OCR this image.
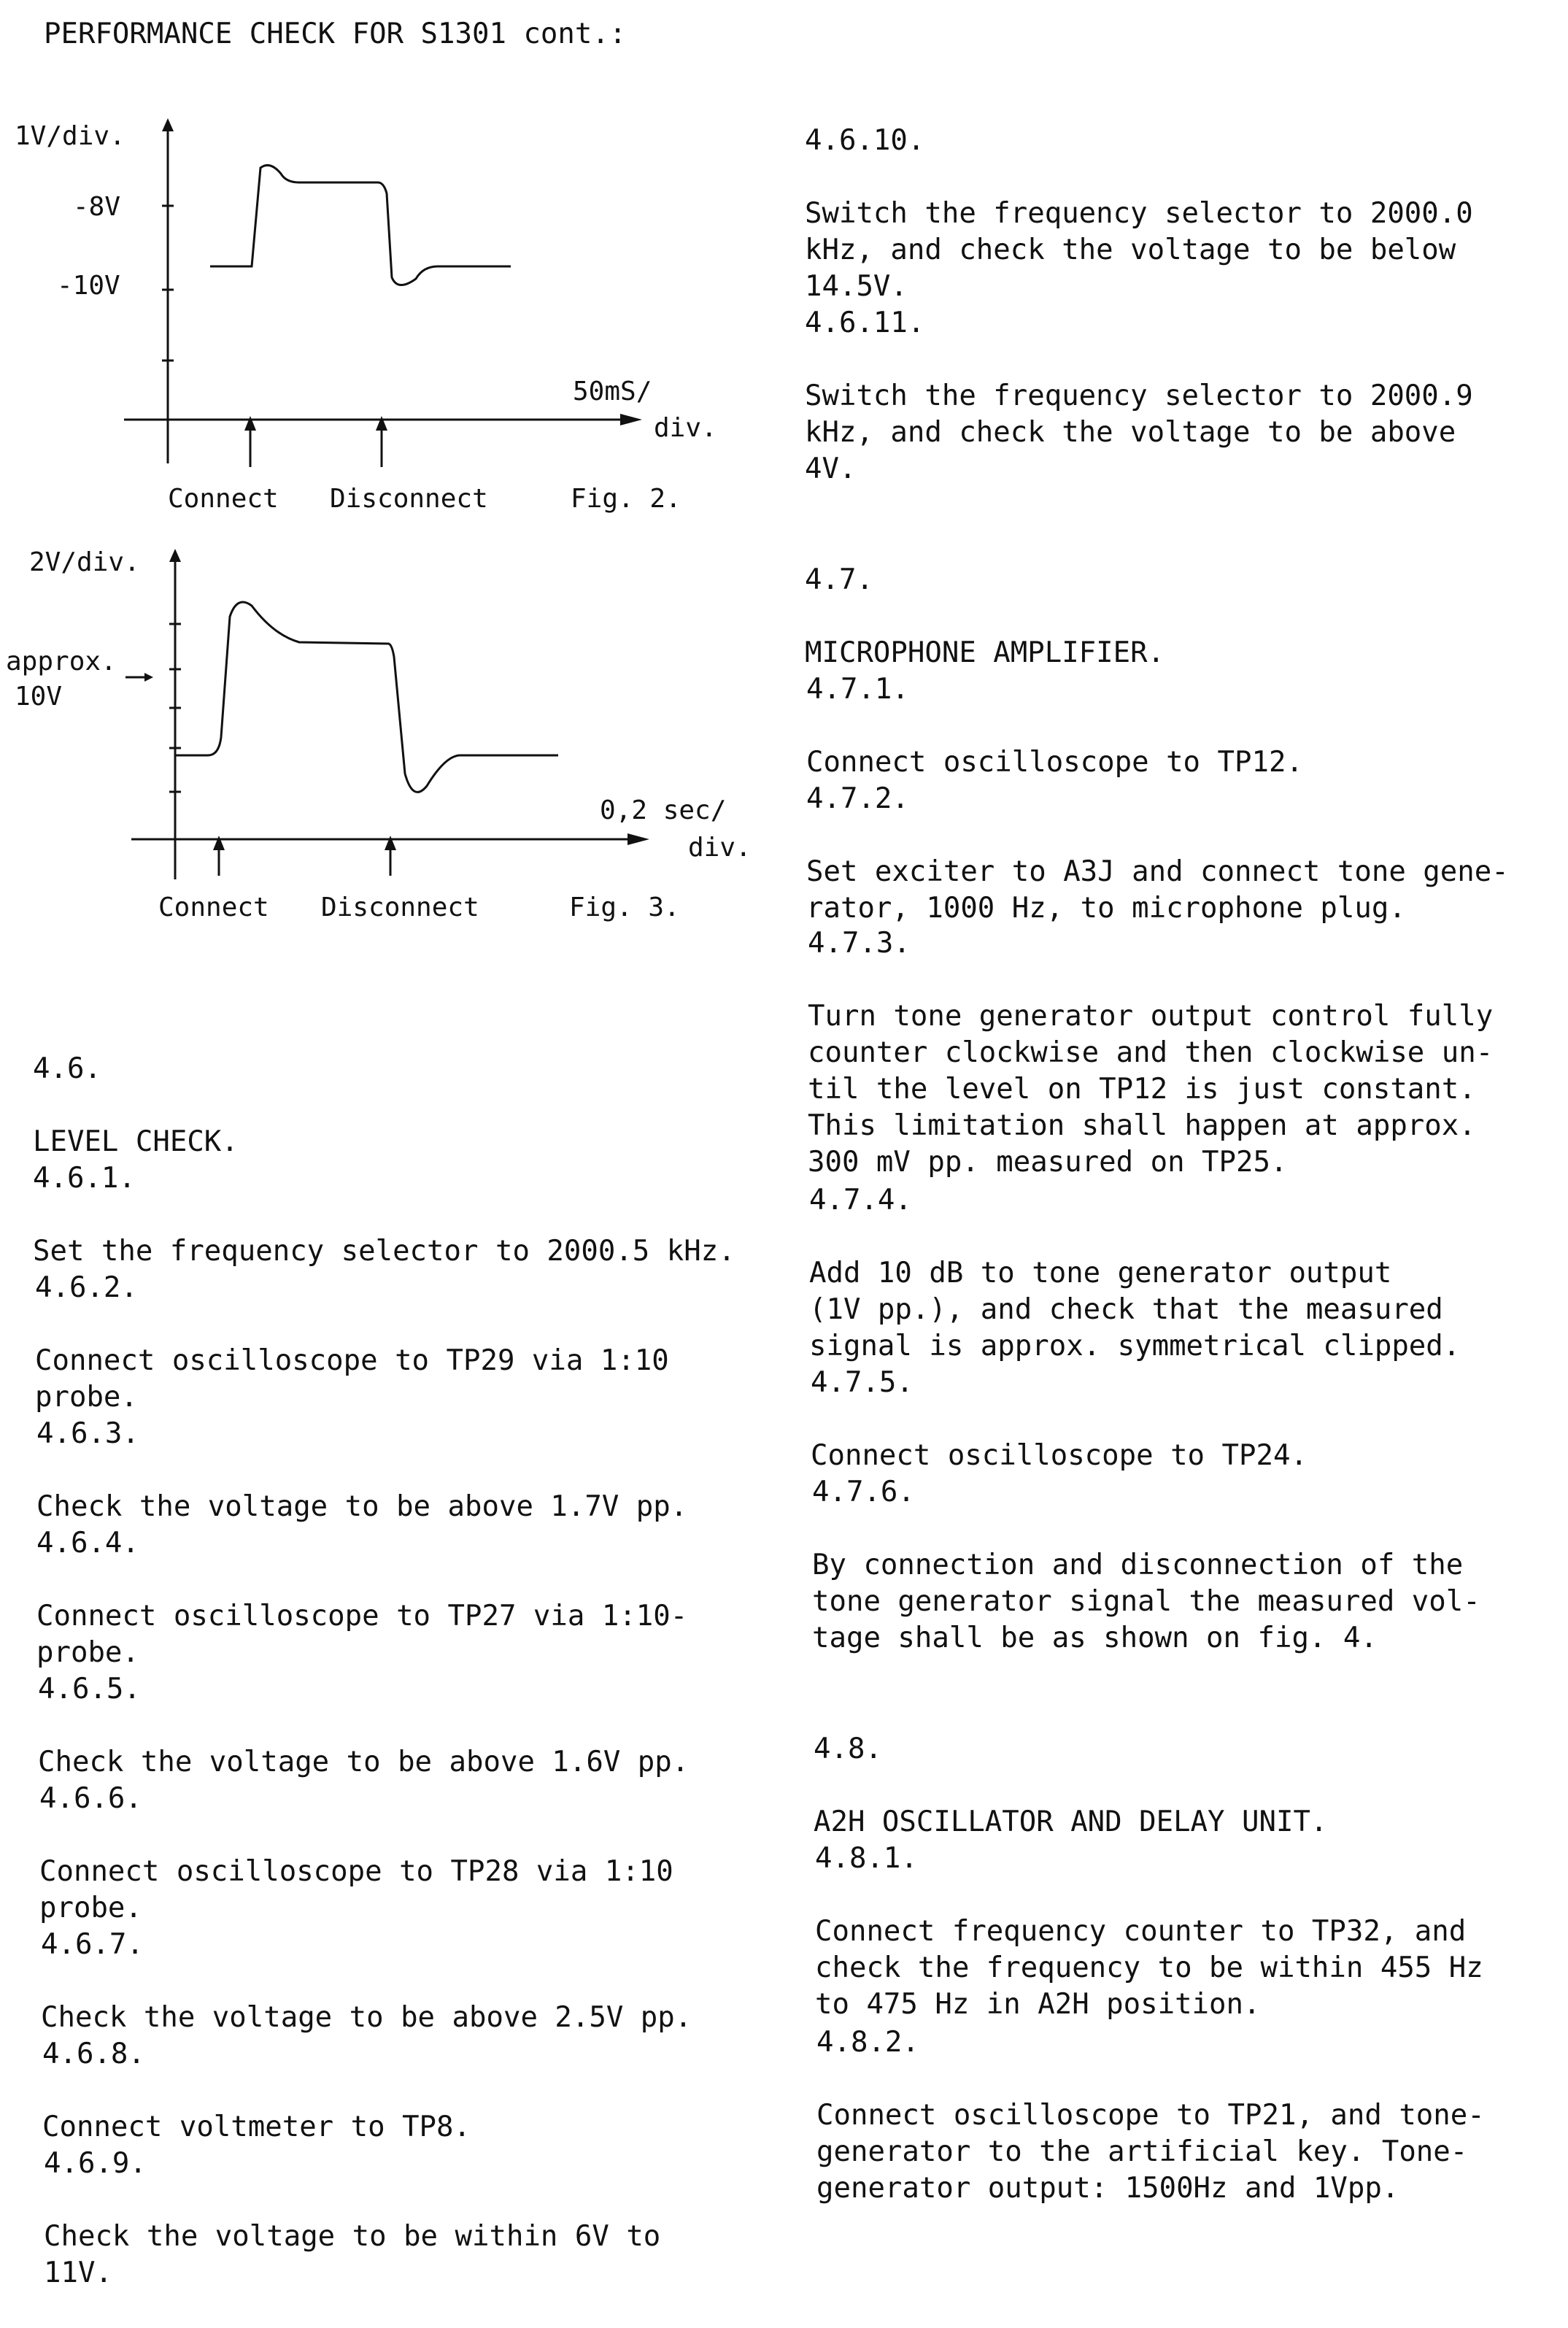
PERFORMANCE CHECK FOR S1301 cont.:
1V/div.
-8V
-10V
50mS/
div.
Connect Disconnect	Fig. 2.
2V/div.
approx.
10V
0,2 sec/
div.
Connect Disconnect	Fig. 3.

4.6.

LEVEL CHECK.

4.6.1.

Set the frequency selector to 2000.5 kHz.

4.6.2.

Connect oscilloscope to TP29 via 1:10
probe.

4.6.3.

Check the voltage to be above 1.7V pp.

4.6.4.

Connect oscilloscope to TP27 via 1:10-
probe.

4.6.5.

Check the voltage to be above 1.6V pp.

4.6.6.

Connect oscilloscope to TP28 via 1:10
probe.

4.6.7.

Check the voltage to be above 2.5V pp.

4.6.8.

Connect voltmeter to TP8.

4.6.9.

Check the voltage to be within 6V to
11V.

4.6.10.

Switch the frequency selector to 2000.0
kHz, and check the voltage to be below
14.5V.

4.6.11.

Switch the frequency selector to 2000.9
kHz, and check the voltage to be above
4V.

4.7.

MICROPHONE AMPLIFIER.

4.7.1.

Connect oscilloscope to TP12.

4.7.2.

Set exciter to A3J and connect tone gene-
rator, 1000 Hz, to microphone plug.

4.7.3.

Turn tone generator output control fully
counter clockwise and then clockwise un-
til the level on TP12 is just constant.
This limitation shall happen at approx.
300 mV pp. measured on TP25.

4.7.4.

Add 10 dB to tone generator output
(1V pp.), and check that the measured
signal is approx. symmetrical clipped.

4.7.5.

Connect oscilloscope to TP24.

4.7.6.

By connection and disconnection of the
tone generator signal the measured vol-
tage shall be as shown on fig. 4.

4.8.

A2H OSCILLATOR AND DELAY UNIT.

4.8.1.

Connect frequency counter to TP32, and
check the frequency to be within 455 Hz
to 475 Hz in A2H position.

4.8.2.

Connect oscilloscope to TP21, and tone-
generator to the artificial key. Tone-
generator output: 1500Hz and 1Vpp.
